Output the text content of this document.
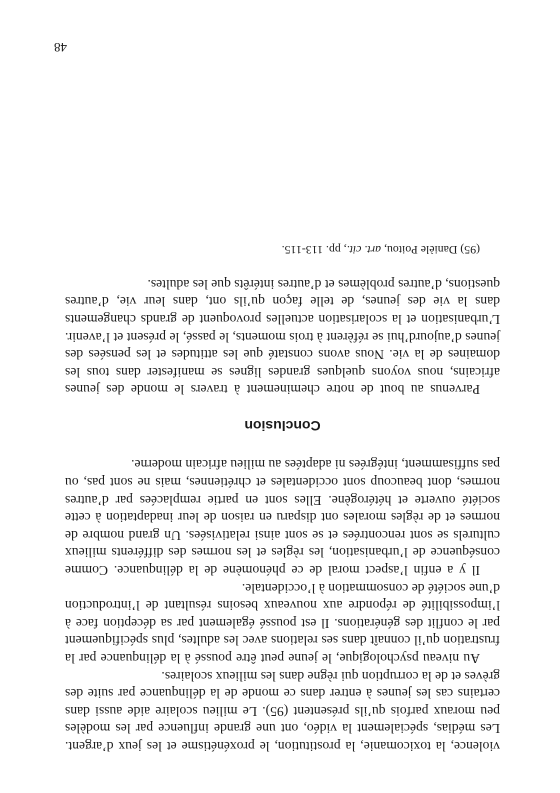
violence, la toxicomanie, la prostitution, le proxénétisme et les jeux d’argent. Les médias, spécialement la vidéo, ont une grande influence par les modèles peu moraux parfois qu’ils présentent (95). Le milieu scolaire aide aussi dans certains cas les jeunes à entrer dans ce monde de la délinquance par suite des grèves et de la corruption qui règne dans les milieux scolaires.

Au niveau psychologique, le jeune peut être poussé à la délinquance par la frustration qu’il connaît dans ses relations avec les adultes, plus spécifiquement par le conflit des générations. Il est poussé également par sa déception face à l’impossibilité de répondre aux nouveaux besoins résultant de l’introduction d’une société de consommation à l’occidentale.

Il y a enfin l’aspect moral de ce phénomène de la délinquance. Comme conséquence de l’urbanisation, les règles et les normes des différents milieux culturels se sont rencontrées et se sont ainsi relativisées. Un grand nombre de normes et de règles morales ont disparu en raison de leur inadaptation à cette société ouverte et hétérogène. Elles sont en partie remplacées par d’autres normes, dont beaucoup sont occidentales et chrétiennes, mais ne sont pas, ou pas suffisamment, intégrées ni adaptées au milieu africain moderne.

Conclusion

Parvenus au bout de notre cheminement à travers le monde des jeunes africains, nous voyons quelques grandes lignes se manifester dans tous les domaines de la vie. Nous avons constaté que les attitudes et les pensées des jeunes d’aujourd’hui se réfèrent à trois moments, le passé, le présent et l’avenir. L’urbanisation et la scolarisation actuelles provoquent de grands changements dans la vie des jeunes, de telle façon qu’ils ont, dans leur vie, d’autres questions, d’autres problèmes et d’autres intérêts que les adultes.

(95) Danièle Poitou, art. cit., pp. 113-115.
48
